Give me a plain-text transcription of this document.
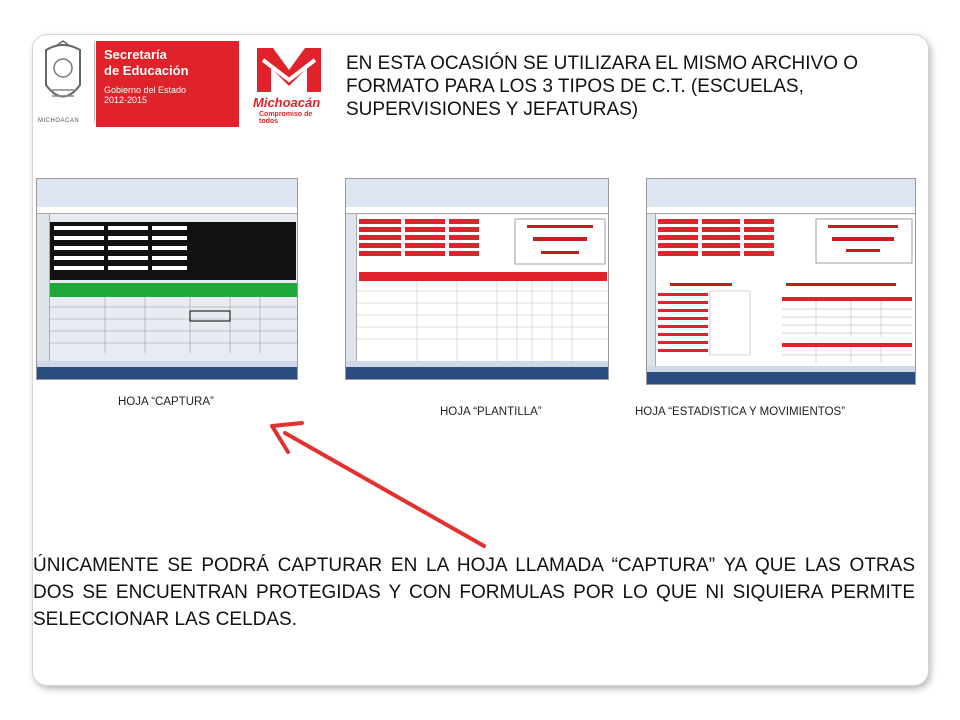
MICHOACAN
Secretaría
de Educación
Gobierno del Estado
2012-2015	Michoacán
Compromiso de todos
EN ESTA OCASIÓN SE UTILIZARA EL MISMO ARCHIVO O FORMATO PARA LOS 3 TIPOS DE C.T. (ESCUELAS, SUPERVISIONES Y JEFATURAS)
HOJA “CAPTURA”
HOJA “PLANTILLA”	HOJA “ESTADISTICA Y MOVIMIENTOS”
ÚNICAMENTE SE PODRÁ CAPTURAR EN LA HOJA LLAMADA “CAPTURA” YA QUE LAS OTRAS DOS SE ENCUENTRAN PROTEGIDAS Y CON FORMULAS POR LO QUE NI SIQUIERA PERMITE SELECCIONAR LAS CELDAS.
